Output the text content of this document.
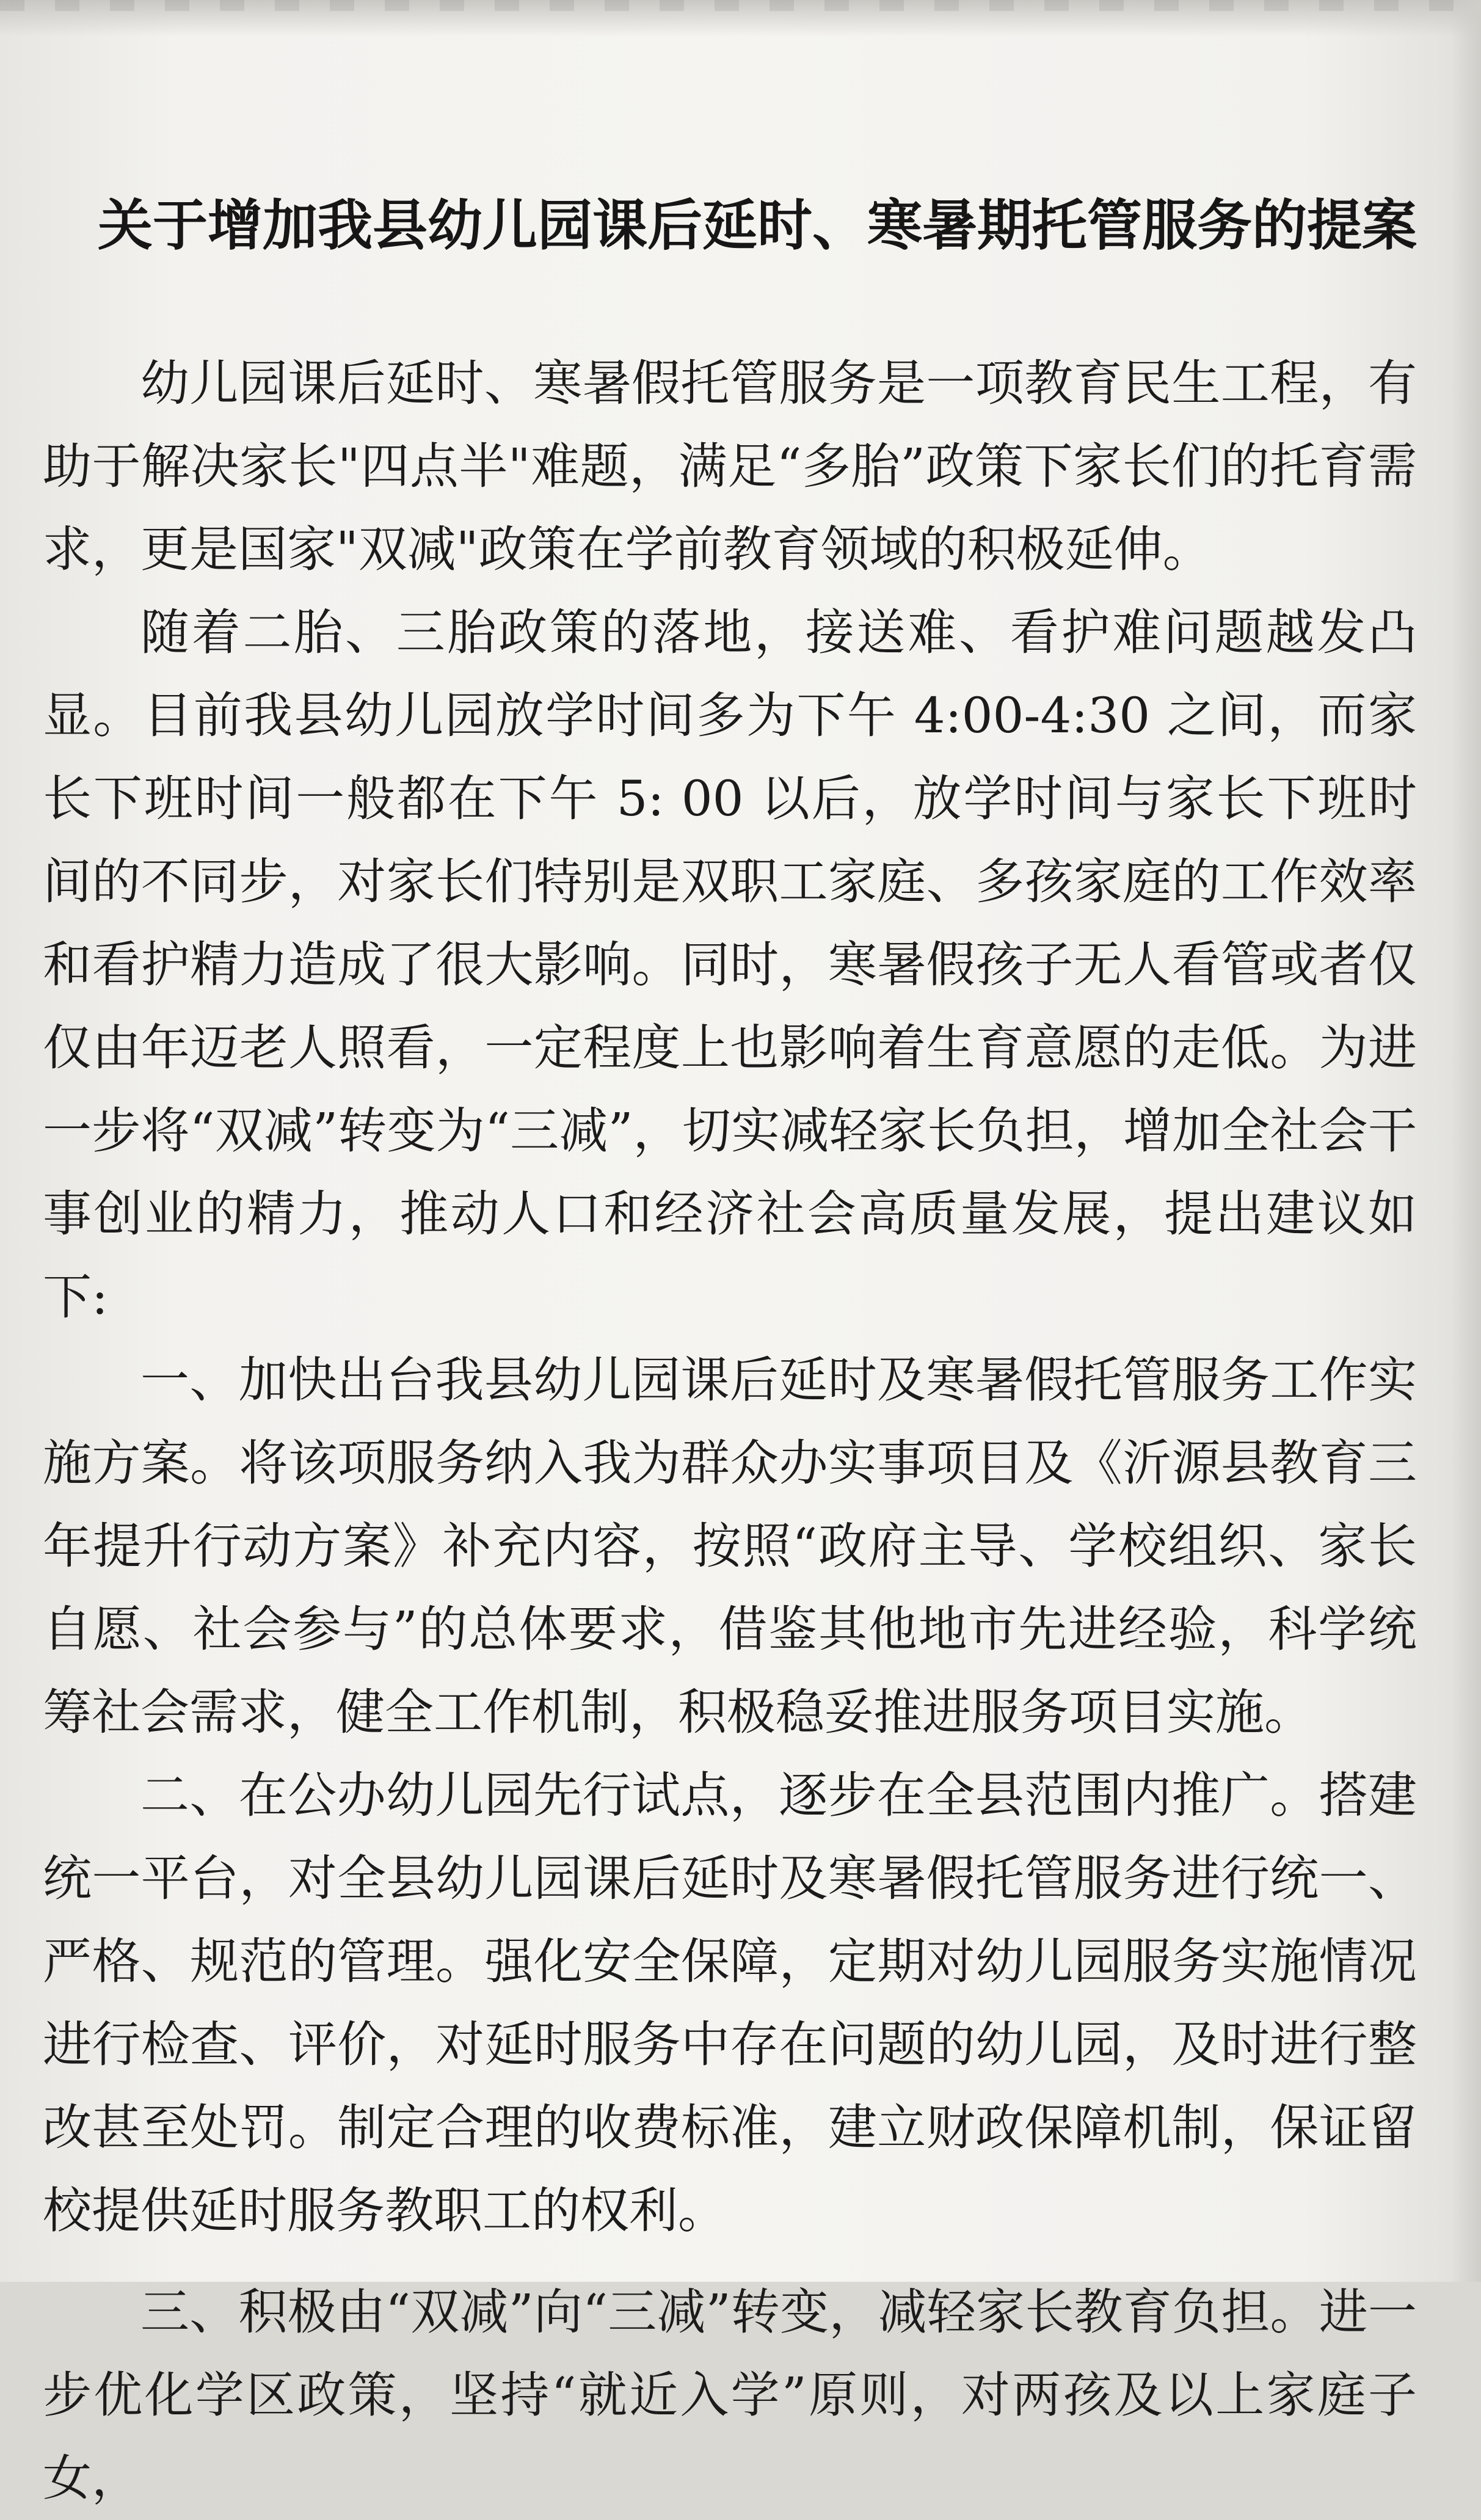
关于增加我县幼儿园课后延时、寒暑期托管服务的提案

幼儿园课后延时、寒暑假托管服务是一项教育民生工程，有助于解决家长"四点半"难题，满足“多胎”政策下家长们的托育需求，更是国家"双减"政策在学前教育领域的积极延伸。

随着二胎、三胎政策的落地，接送难、看护难问题越发凸显。目前我县幼儿园放学时间多为下午 4:00-4:30 之间，而家长下班时间一般都在下午 5: 00 以后，放学时间与家长下班时间的不同步，对家长们特别是双职工家庭、多孩家庭的工作效率和看护精力造成了很大影响。同时，寒暑假孩子无人看管或者仅仅由年迈老人照看，一定程度上也影响着生育意愿的走低。为进一步将“双减”转变为“三减”，切实减轻家长负担，增加全社会干事创业的精力，推动人口和经济社会高质量发展，提出建议如下:

一、加快出台我县幼儿园课后延时及寒暑假托管服务工作实施方案。将该项服务纳入我为群众办实事项目及《沂源县教育三年提升行动方案》补充内容，按照“政府主导、学校组织、家长自愿、社会参与”的总体要求，借鉴其他地市先进经验，科学统筹社会需求，健全工作机制，积极稳妥推进服务项目实施。

二、在公办幼儿园先行试点，逐步在全县范围内推广。搭建统一平台，对全县幼儿园课后延时及寒暑假托管服务进行统一、严格、规范的管理。强化安全保障，定期对幼儿园服务实施情况进行检查、评价，对延时服务中存在问题的幼儿园，及时进行整改甚至处罚。制定合理的收费标准，建立财政保障机制，保证留校提供延时服务教职工的权利。

三、积极由“双减”向“三减”转变，减轻家长教育负担。进一步优化学区政策，坚持“就近入学”原则，对两孩及以上家庭子女，
